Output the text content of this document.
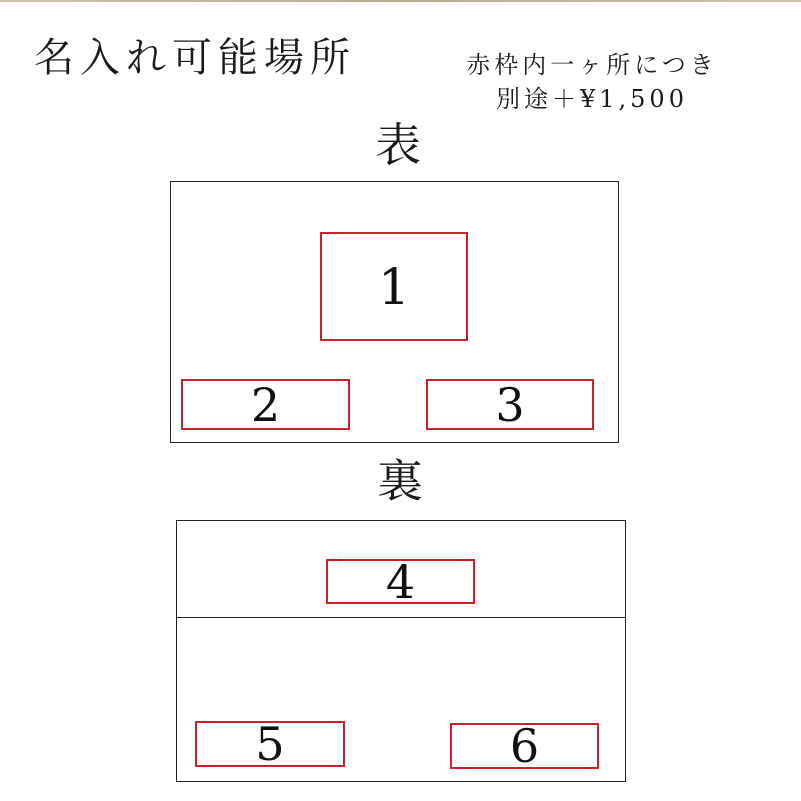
名入れ可能場所	赤枠内一ヶ所につき
別途＋¥1,500
表
1
2	3
裏
4
5	6
